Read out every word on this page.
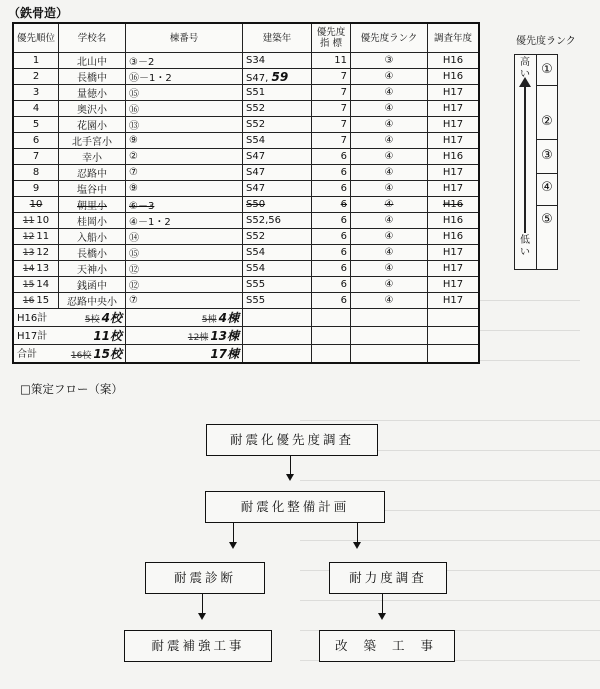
（鉄骨造）
優先順位	学校名	棟番号	建築年	優先度 指 標	優先度ランク	調査年度
1	北山中	③－2	S34	11	③	H16
2	長橋中	⑯－1・2	S47, 59	7	④	H16
3	量徳小	⑮	S51	7	④	H17
4	奥沢小	⑯	S52	7	④	H17
5	花園小	⑬	S52	7	④	H17
6	北手宮小	⑨	S54	7	④	H17
7	幸小	②	S47	6	④	H16
8	忍路中	⑦	S47	6	④	H17
9	塩谷中	⑨	S47	6	④	H17
10	朝里小	⑥－3	S50	6	④	H16
11 10	桂岡小	④－1・2	S52,56	6	④	H16
12 11	入船小	⑭	S52	6	④	H16
13 12	長橋小	⑮	S54	6	④	H17
14 13	天神小	⑫	S54	6	④	H17
15 14	銭函中	⑫	S55	6	④	H17
16 15	忍路中央小	⑦	S55	6	④	H17
H16計 5校 4校		5棟 4棟				
H17計 11校		12棟 13棟				
合計 16校 15校		17棟				
優先度ランク
高い
低い
①
②
③
④
⑤
□策定フロー（案）
耐震化優先度調査
耐震化整備計画
耐震診断	耐力度調査
耐震補強工事	改 築 工 事
